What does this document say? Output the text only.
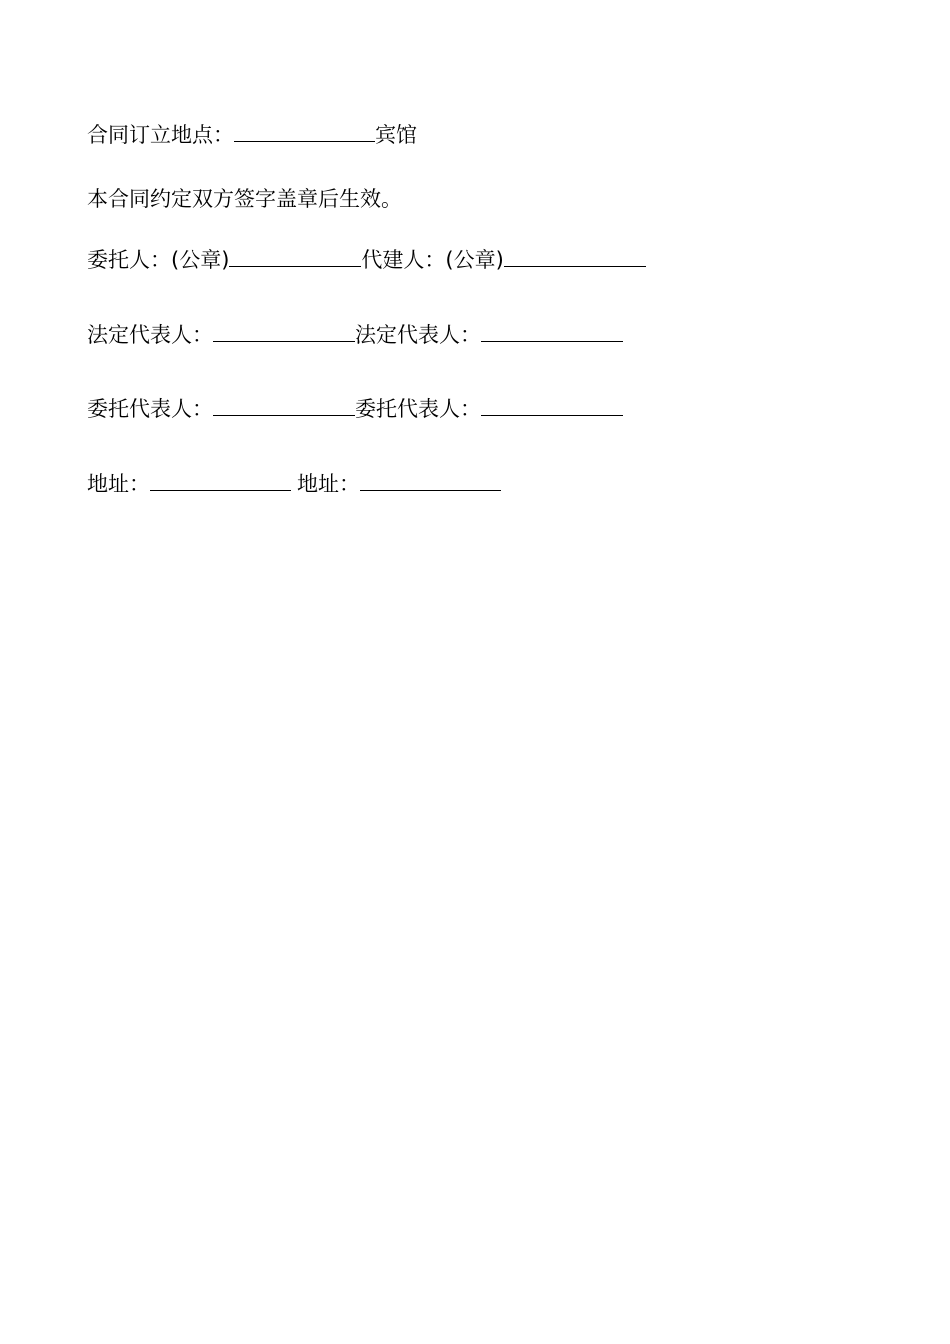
合同订立地点：	宾馆
本合同约定双方签字盖章后生效。
委托人：(公章)	代建人：(公章)
法定代表人：	法定代表人：
委托代表人：	委托代表人：
地址：	地址：
